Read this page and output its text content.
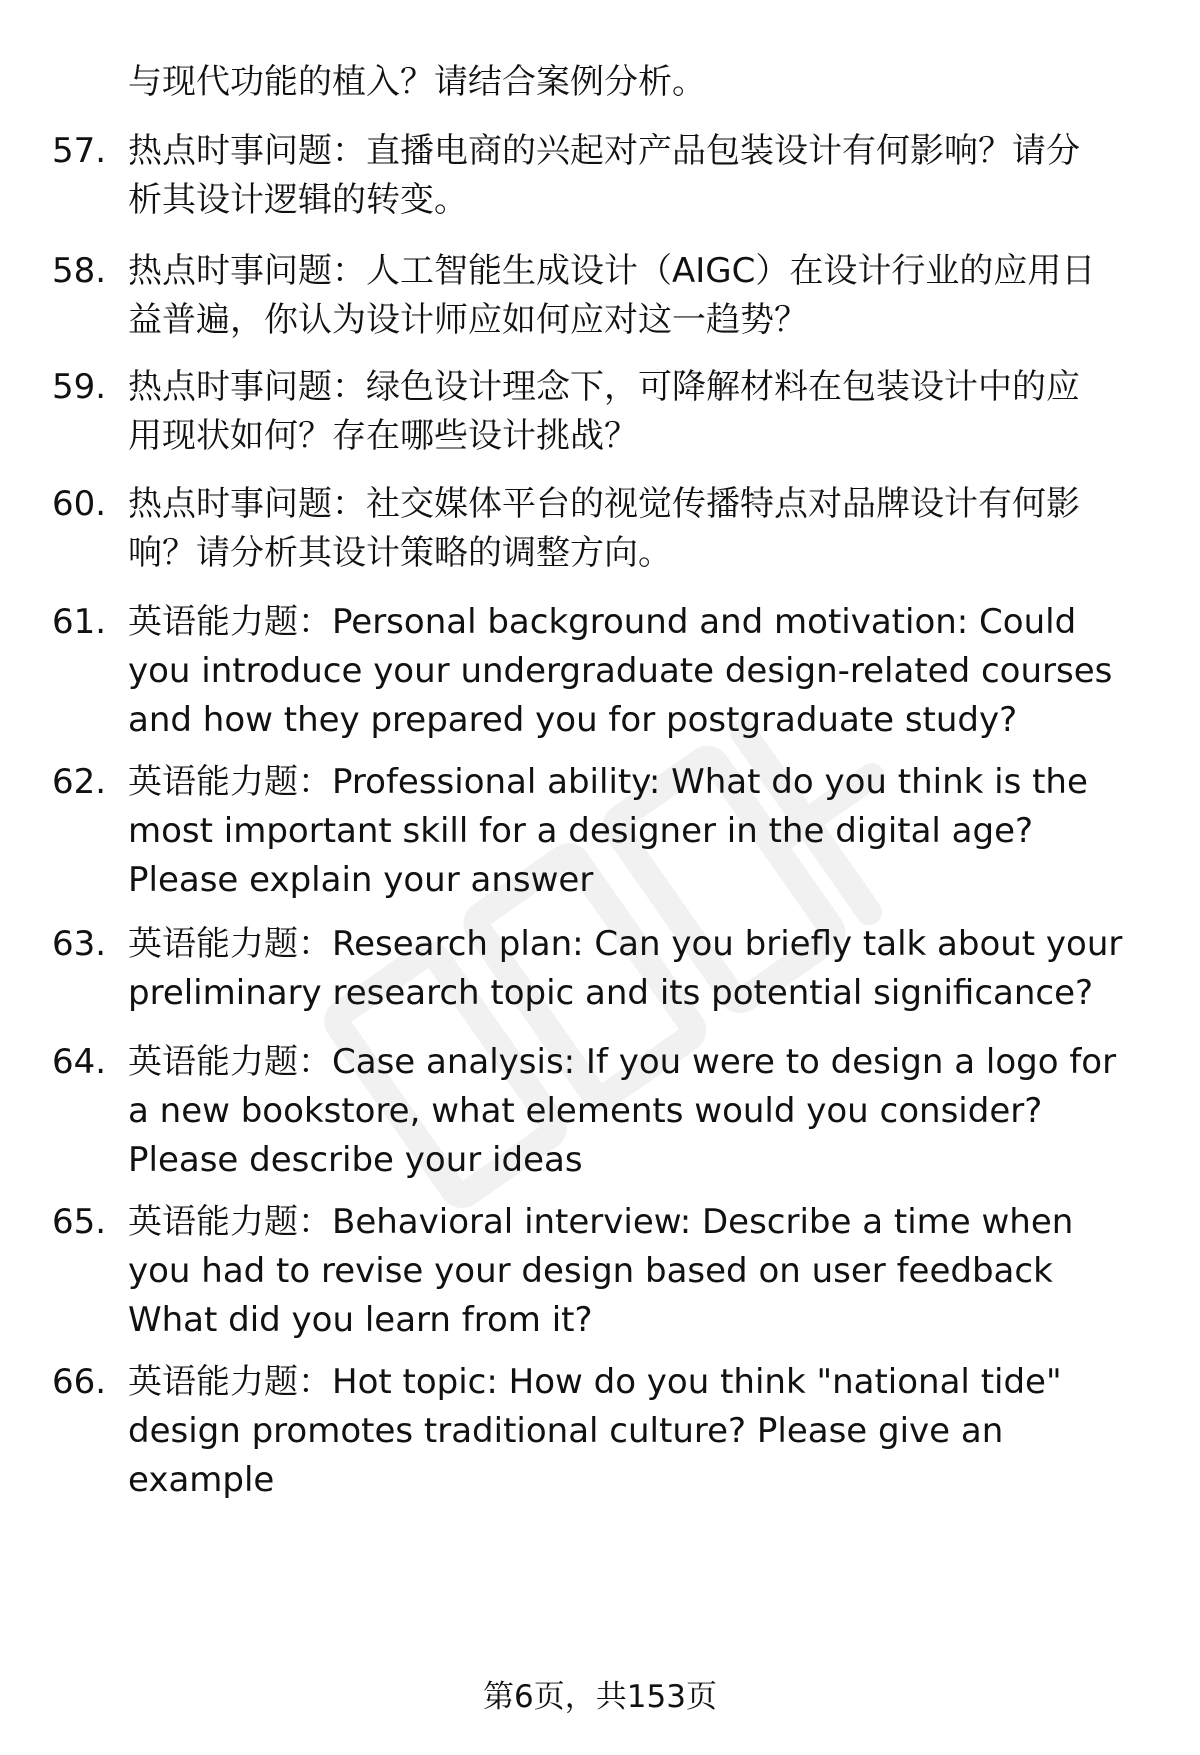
与现代功能的植入？请结合案例分析。
57. 热点时事问题：直播电商的兴起对产品包装设计有何影响？请分
析其设计逻辑的转变。
58. 热点时事问题：人工智能生成设计（AIGC）在设计行业的应用日
益普遍，你认为设计师应如何应对这一趋势？
59. 热点时事问题：绿色设计理念下，可降解材料在包装设计中的应
用现状如何？存在哪些设计挑战？
60. 热点时事问题：社交媒体平台的视觉传播特点对品牌设计有何影
响？请分析其设计策略的调整方向。
61. 英语能力题：Personal background and motivation: Could
you introduce your undergraduate design-related courses
and how they prepared you for postgraduate study?
62. 英语能力题：Professional ability: What do you think is the
most important skill for a designer in the digital age?
Please explain your answer
63. 英语能力题：Research plan: Can you briefly talk about your
preliminary research topic and its potential significance?
64. 英语能力题：Case analysis: If you were to design a logo for
a new bookstore, what elements would you consider?
Please describe your ideas
65. 英语能力题：Behavioral interview: Describe a time when
you had to revise your design based on user feedback
What did you learn from it?
66. 英语能力题：Hot topic: How do you think "national tide"
design promotes traditional culture? Please give an
example
第6页，共153页
